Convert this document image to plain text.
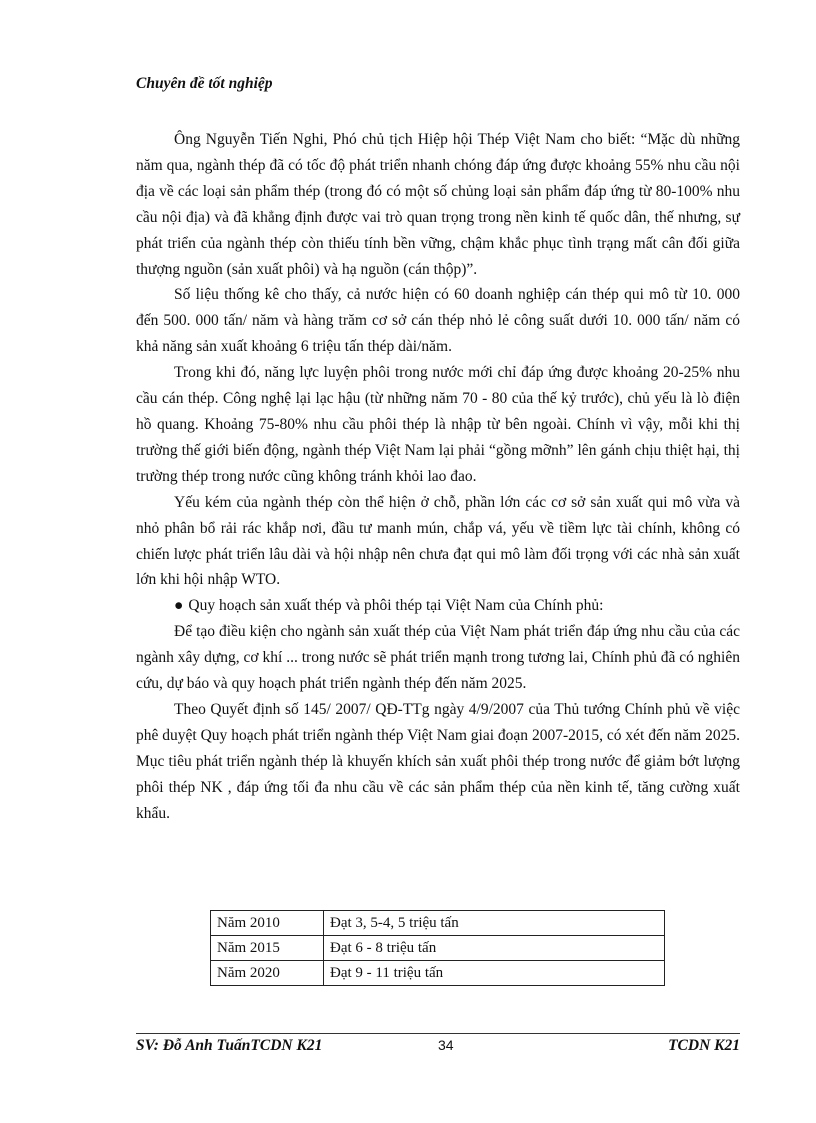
Chuyên đề tốt nghiệp

Ông Nguyễn Tiến Nghi, Phó chủ tịch Hiệp hội Thép Việt Nam cho biết: “Mặc dù những năm qua, ngành thép đã có tốc độ phát triển nhanh chóng đáp ứng được khoảng 55% nhu cầu nội địa về các loại sản phẩm thép (trong đó có một số chủng loại sản phẩm đáp ứng từ 80-100% nhu cầu nội địa) và đã khẳng định được vai trò quan trọng trong nền kinh tế quốc dân, thế nhưng, sự phát triển của ngành thép còn thiếu tính bền vững, chậm khắc phục tình trạng mất cân đối giữa thượng nguồn (sản xuất phôi) và hạ nguồn (cán thộp)”.

Số liệu thống kê cho thấy, cả nước hiện có 60 doanh nghiệp cán thép qui mô từ 10. 000 đến 500. 000 tấn/ năm và hàng trăm cơ sở cán thép nhỏ lẻ công suất dưới 10. 000 tấn/ năm có khả năng sản xuất khoảng 6 triệu tấn thép dài/năm.

Trong khi đó, năng lực luyện phôi trong nước mới chỉ đáp ứng được khoảng 20-25% nhu cầu cán thép. Công nghệ lại lạc hậu (từ những năm 70 - 80 của thế kỷ trước), chủ yếu là lò điện hồ quang. Khoảng 75-80% nhu cầu phôi thép là nhập từ bên ngoài. Chính vì vậy, mỗi khi thị trường thế giới biến động, ngành thép Việt Nam lại phải “gồng mỡnh” lên gánh chịu thiệt hại, thị trường thép trong nước cũng không tránh khỏi lao đao.

Yếu kém của ngành thép còn thể hiện ở chỗ, phần lớn các cơ sở sản xuất qui mô vừa và nhỏ phân bổ rải rác khắp nơi, đầu tư manh mún, chắp vá, yếu về tiềm lực tài chính, không có chiến lược phát triển lâu dài và hội nhập nên chưa đạt qui mô làm đối trọng với các nhà sản xuất lớn khi hội nhập WTO.

● Quy hoạch sản xuất thép và phôi thép tại Việt Nam của Chính phủ:

Để tạo điều kiện cho ngành sản xuất thép của Việt Nam phát triển đáp ứng nhu cầu của các ngành xây dựng, cơ khí ... trong nước sẽ phát triển mạnh trong tương lai, Chính phủ đã có nghiên cứu, dự báo và quy hoạch phát triển ngành thép đến năm 2025.

Theo Quyết định số 145/ 2007/ QĐ-TTg ngày 4/9/2007 của Thủ tướng Chính phủ về việc phê duyệt Quy hoạch phát triển ngành thép Việt Nam giai đoạn 2007-2015, có xét đến năm 2025. Mục tiêu phát triển ngành thép là khuyến khích sản xuất phôi thép trong nước để giảm bớt lượng phôi thép NK , đáp ứng tối đa nhu cầu về các sản phẩm thép của nền kinh tế, tăng cường xuất khẩu.

Năm 2010	Đạt 3, 5-4, 5 triệu tấn
Năm 2015	Đạt 6 - 8 triệu tấn
Năm 2020	Đạt 9 - 11 triệu tấn
SV: Đỗ Anh TuấnTCDN K21	34	TCDN K21
